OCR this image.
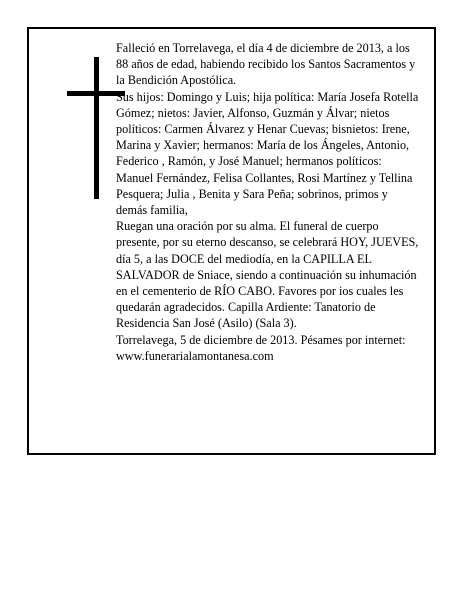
Falleció en Torrelavega, el día 4 de diciembre de 2013, a los 88 años de edad, habiendo recibido los Santos Sacramentos y la Bendición Apostólica.

Sus hijos: Domingo y Luis; hija política: María Josefa Rotella Gómez; nietos: Javier, Alfonso, Guzmán y Álvar; nietos políticos: Carmen Álvarez y Henar Cuevas; bisnietos: Irene, Marina y Xavier; hermanos: María de los Ángeles, Antonio, Federico , Ramón, y José Manuel; hermanos políticos: Manuel Fernández, Felisa Collantes, Rosi Martínez y Tellina Pesquera; Julia , Benita y Sara Peña; sobrinos, primos y demás familia,

Ruegan una oración por su alma. El funeral de cuerpo presente, por su eterno descanso, se celebrará HOY, JUEVES, día 5, a las DOCE del mediodía, en la CAPILLA EL SALVADOR de Sniace, siendo a continuación su inhumación en el cementerio de RÍO CABO. Favores por ios cuales les quedarán agradecidos. Capilla Ardiente: Tanatorio de Residencia San José (Asilo) (Sala 3).

Torrelavega, 5 de diciembre de 2013. Pésames por internet: www.funerarialamontanesa.com
